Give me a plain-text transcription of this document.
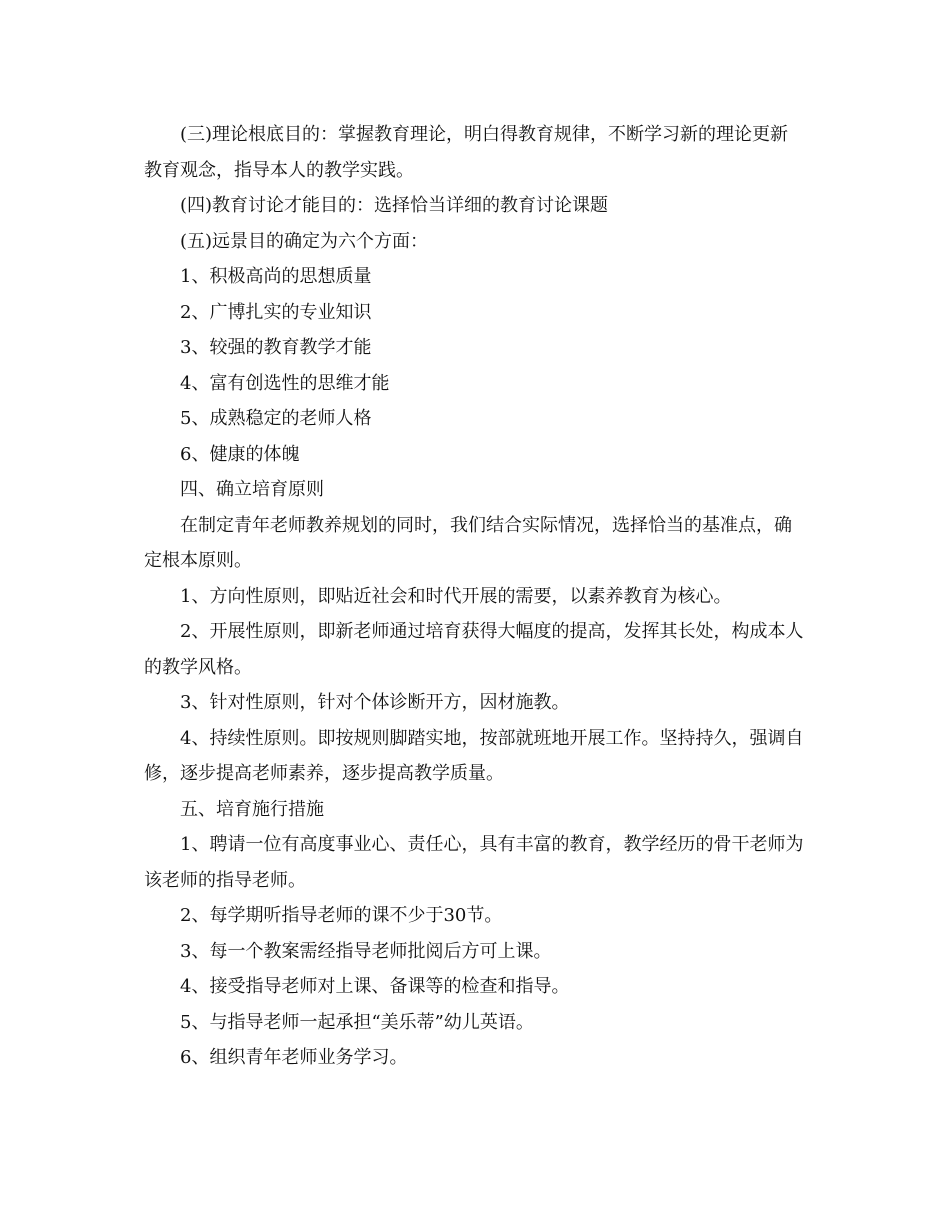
(三)理论根底目的：掌握教育理论，明白得教育规律，不断学习新的理论更新教育观念，指导本人的教学实践。

(四)教育讨论才能目的：选择恰当详细的教育讨论课题

(五)远景目的确定为六个方面：

1、积极高尚的思想质量

2、广博扎实的专业知识

3、较强的教育教学才能

4、富有创选性的思维才能

5、成熟稳定的老师人格

6、健康的体魄

四、确立培育原则

在制定青年老师教养规划的同时，我们结合实际情况，选择恰当的基准点，确定根本原则。

1、方向性原则，即贴近社会和时代开展的需要，以素养教育为核心。

2、开展性原则，即新老师通过培育获得大幅度的提高，发挥其长处，构成本人的教学风格。

3、针对性原则，针对个体诊断开方，因材施教。

4、持续性原则。即按规则脚踏实地，按部就班地开展工作。坚持持久，强调自修，逐步提高老师素养，逐步提高教学质量。

五、培育施行措施

1、聘请一位有高度事业心、责任心，具有丰富的教育，教学经历的骨干老师为该老师的指导老师。

2、每学期听指导老师的课不少于30节。

3、每一个教案需经指导老师批阅后方可上课。

4、接受指导老师对上课、备课等的检查和指导。

5、与指导老师一起承担“美乐蒂”幼儿英语。

6、组织青年老师业务学习。
